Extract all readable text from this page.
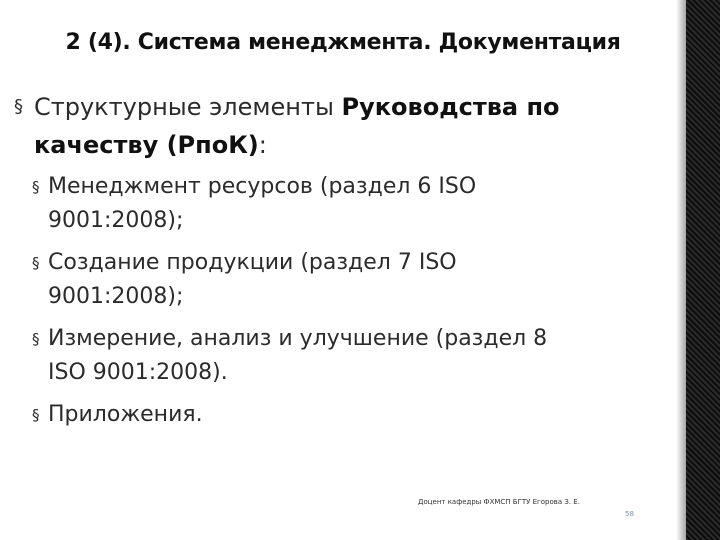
2 (4). Система менеджмента. Документация
§ Структурные элементы Руководства по
качеству (РпоК):
§ Менеджмент ресурсов (раздел 6 ISO
9001:2008);
§ Создание продукции (раздел 7 ISO
9001:2008);
§ Измерение, анализ и улучшение (раздел 8
ISO 9001:2008).
§ Приложения.
Доцент кафедры ФХМСП БГТУ Егорова З. Е.
58
